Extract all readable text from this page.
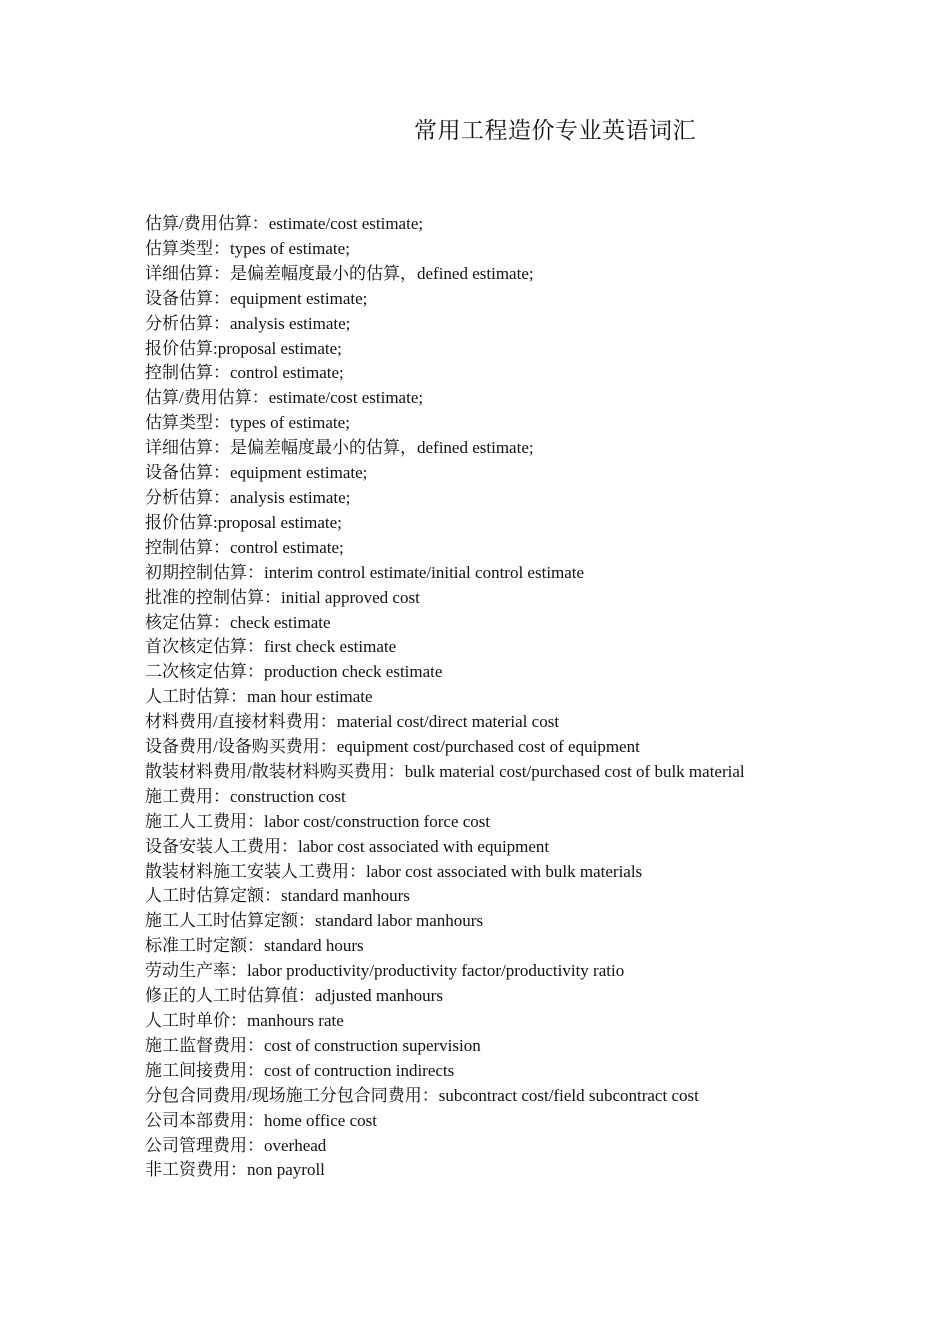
常用工程造价专业英语词汇
估算/费用估算：estimate/cost estimate;
估算类型：types of estimate;
详细估算：是偏差幅度最小的估算，defined estimate;
设备估算：equipment estimate;
分析估算：analysis estimate;
报价估算:proposal estimate;
控制估算：control estimate;
估算/费用估算：estimate/cost estimate;
估算类型：types of estimate;
详细估算：是偏差幅度最小的估算，defined estimate;
设备估算：equipment estimate;
分析估算：analysis estimate;
报价估算:proposal estimate;
控制估算：control estimate;
初期控制估算：interim control estimate/initial control estimate
批准的控制估算：initial approved cost
核定估算：check estimate
首次核定估算：first check estimate
二次核定估算：production check estimate
人工时估算：man hour estimate
材料费用/直接材料费用：material cost/direct material cost
设备费用/设备购买费用：equipment cost/purchased cost of equipment
散装材料费用/散装材料购买费用：bulk material cost/purchased cost of bulk material
施工费用：construction cost
施工人工费用：labor cost/construction force cost
设备安装人工费用：labor cost associated with equipment
散装材料施工安装人工费用：labor cost associated with bulk materials
人工时估算定额：standard manhours
施工人工时估算定额：standard labor manhours
标准工时定额：standard hours
劳动生产率：labor productivity/productivity factor/productivity ratio
修正的人工时估算值：adjusted manhours
人工时单价：manhours rate
施工监督费用：cost of construction supervision
施工间接费用：cost of contruction indirects
分包合同费用/现场施工分包合同费用：subcontract cost/field subcontract cost
公司本部费用：home office cost
公司管理费用：overhead
非工资费用：non payroll
